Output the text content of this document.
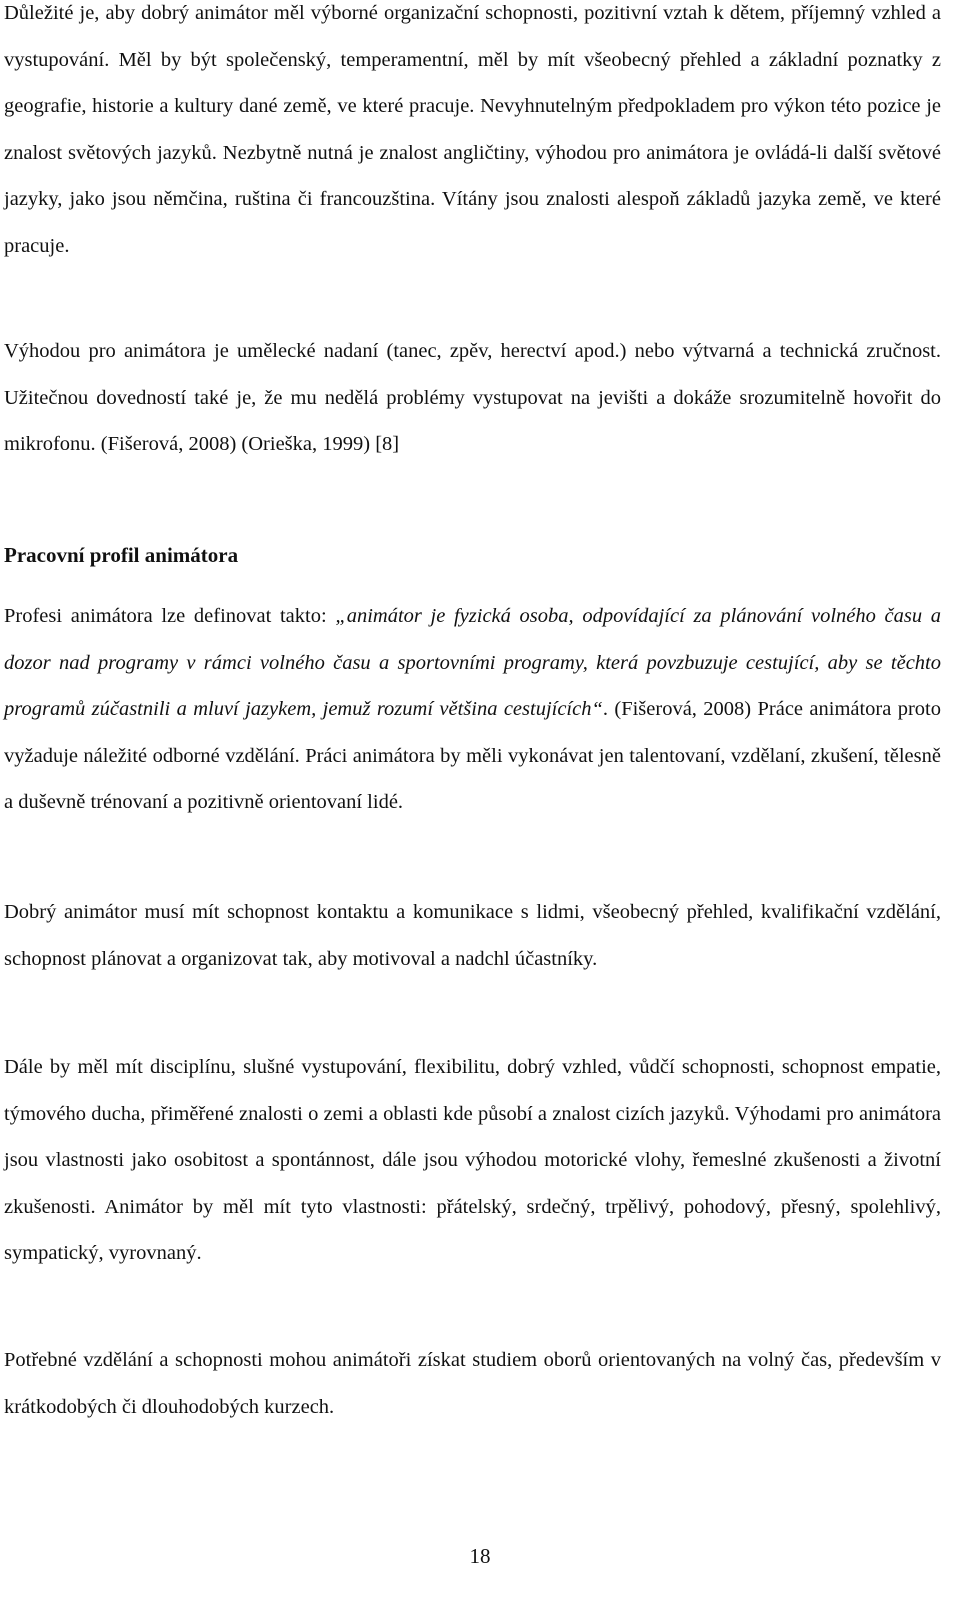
Důležité je, aby dobrý animátor měl výborné organizační schopnosti, pozitivní vztah k dětem, příjemný vzhled a vystupování. Měl by být společenský, temperamentní, měl by mít všeobecný přehled a základní poznatky z geografie, historie a kultury dané země, ve které pracuje. Nevyhnutelným předpokladem pro výkon této pozice je znalost světových jazyků. Nezbytně nutná je znalost angličtiny, výhodou pro animátora je ovládá-li další světové jazyky, jako jsou němčina, ruština či francouzština. Vítány jsou znalosti alespoň základů jazyka země, ve které pracuje.

Výhodou pro animátora je umělecké nadaní (tanec, zpěv, herectví apod.) nebo výtvarná a technická zručnost. Užitečnou dovedností také je, že mu nedělá problémy vystupovat na jevišti a dokáže srozumitelně hovořit do mikrofonu. (Fišerová, 2008) (Orieška, 1999) [8]

Pracovní profil animátora

Profesi animátora lze definovat takto: „animátor je fyzická osoba, odpovídající za plánování volného času a dozor nad programy v rámci volného času a sportovními programy, která povzbuzuje cestující, aby se těchto programů zúčastnili a mluví jazykem, jemuž rozumí většina cestujících“. (Fišerová, 2008) Práce animátora proto vyžaduje náležité odborné vzdělání. Práci animátora by měli vykonávat jen talentovaní, vzdělaní, zkušení, tělesně a duševně trénovaní a pozitivně orientovaní lidé.

Dobrý animátor musí mít schopnost kontaktu a komunikace s lidmi, všeobecný přehled, kvalifikační vzdělání, schopnost plánovat a organizovat tak, aby motivoval a nadchl účastníky.

Dále by měl mít disciplínu, slušné vystupování, flexibilitu, dobrý vzhled, vůdčí schopnosti, schopnost empatie, týmového ducha, přiměřené znalosti o zemi a oblasti kde působí a znalost cizích jazyků. Výhodami pro animátora jsou vlastnosti jako osobitost a spontánnost, dále jsou výhodou motorické vlohy, řemeslné zkušenosti a životní zkušenosti. Animátor by měl mít tyto vlastnosti: přátelský, srdečný, trpělivý, pohodový, přesný, spolehlivý, sympatický, vyrovnaný.

Potřebné vzdělání a schopnosti mohou animátoři získat studiem oborů orientovaných na volný čas, především v krátkodobých či dlouhodobých kurzech.

18
